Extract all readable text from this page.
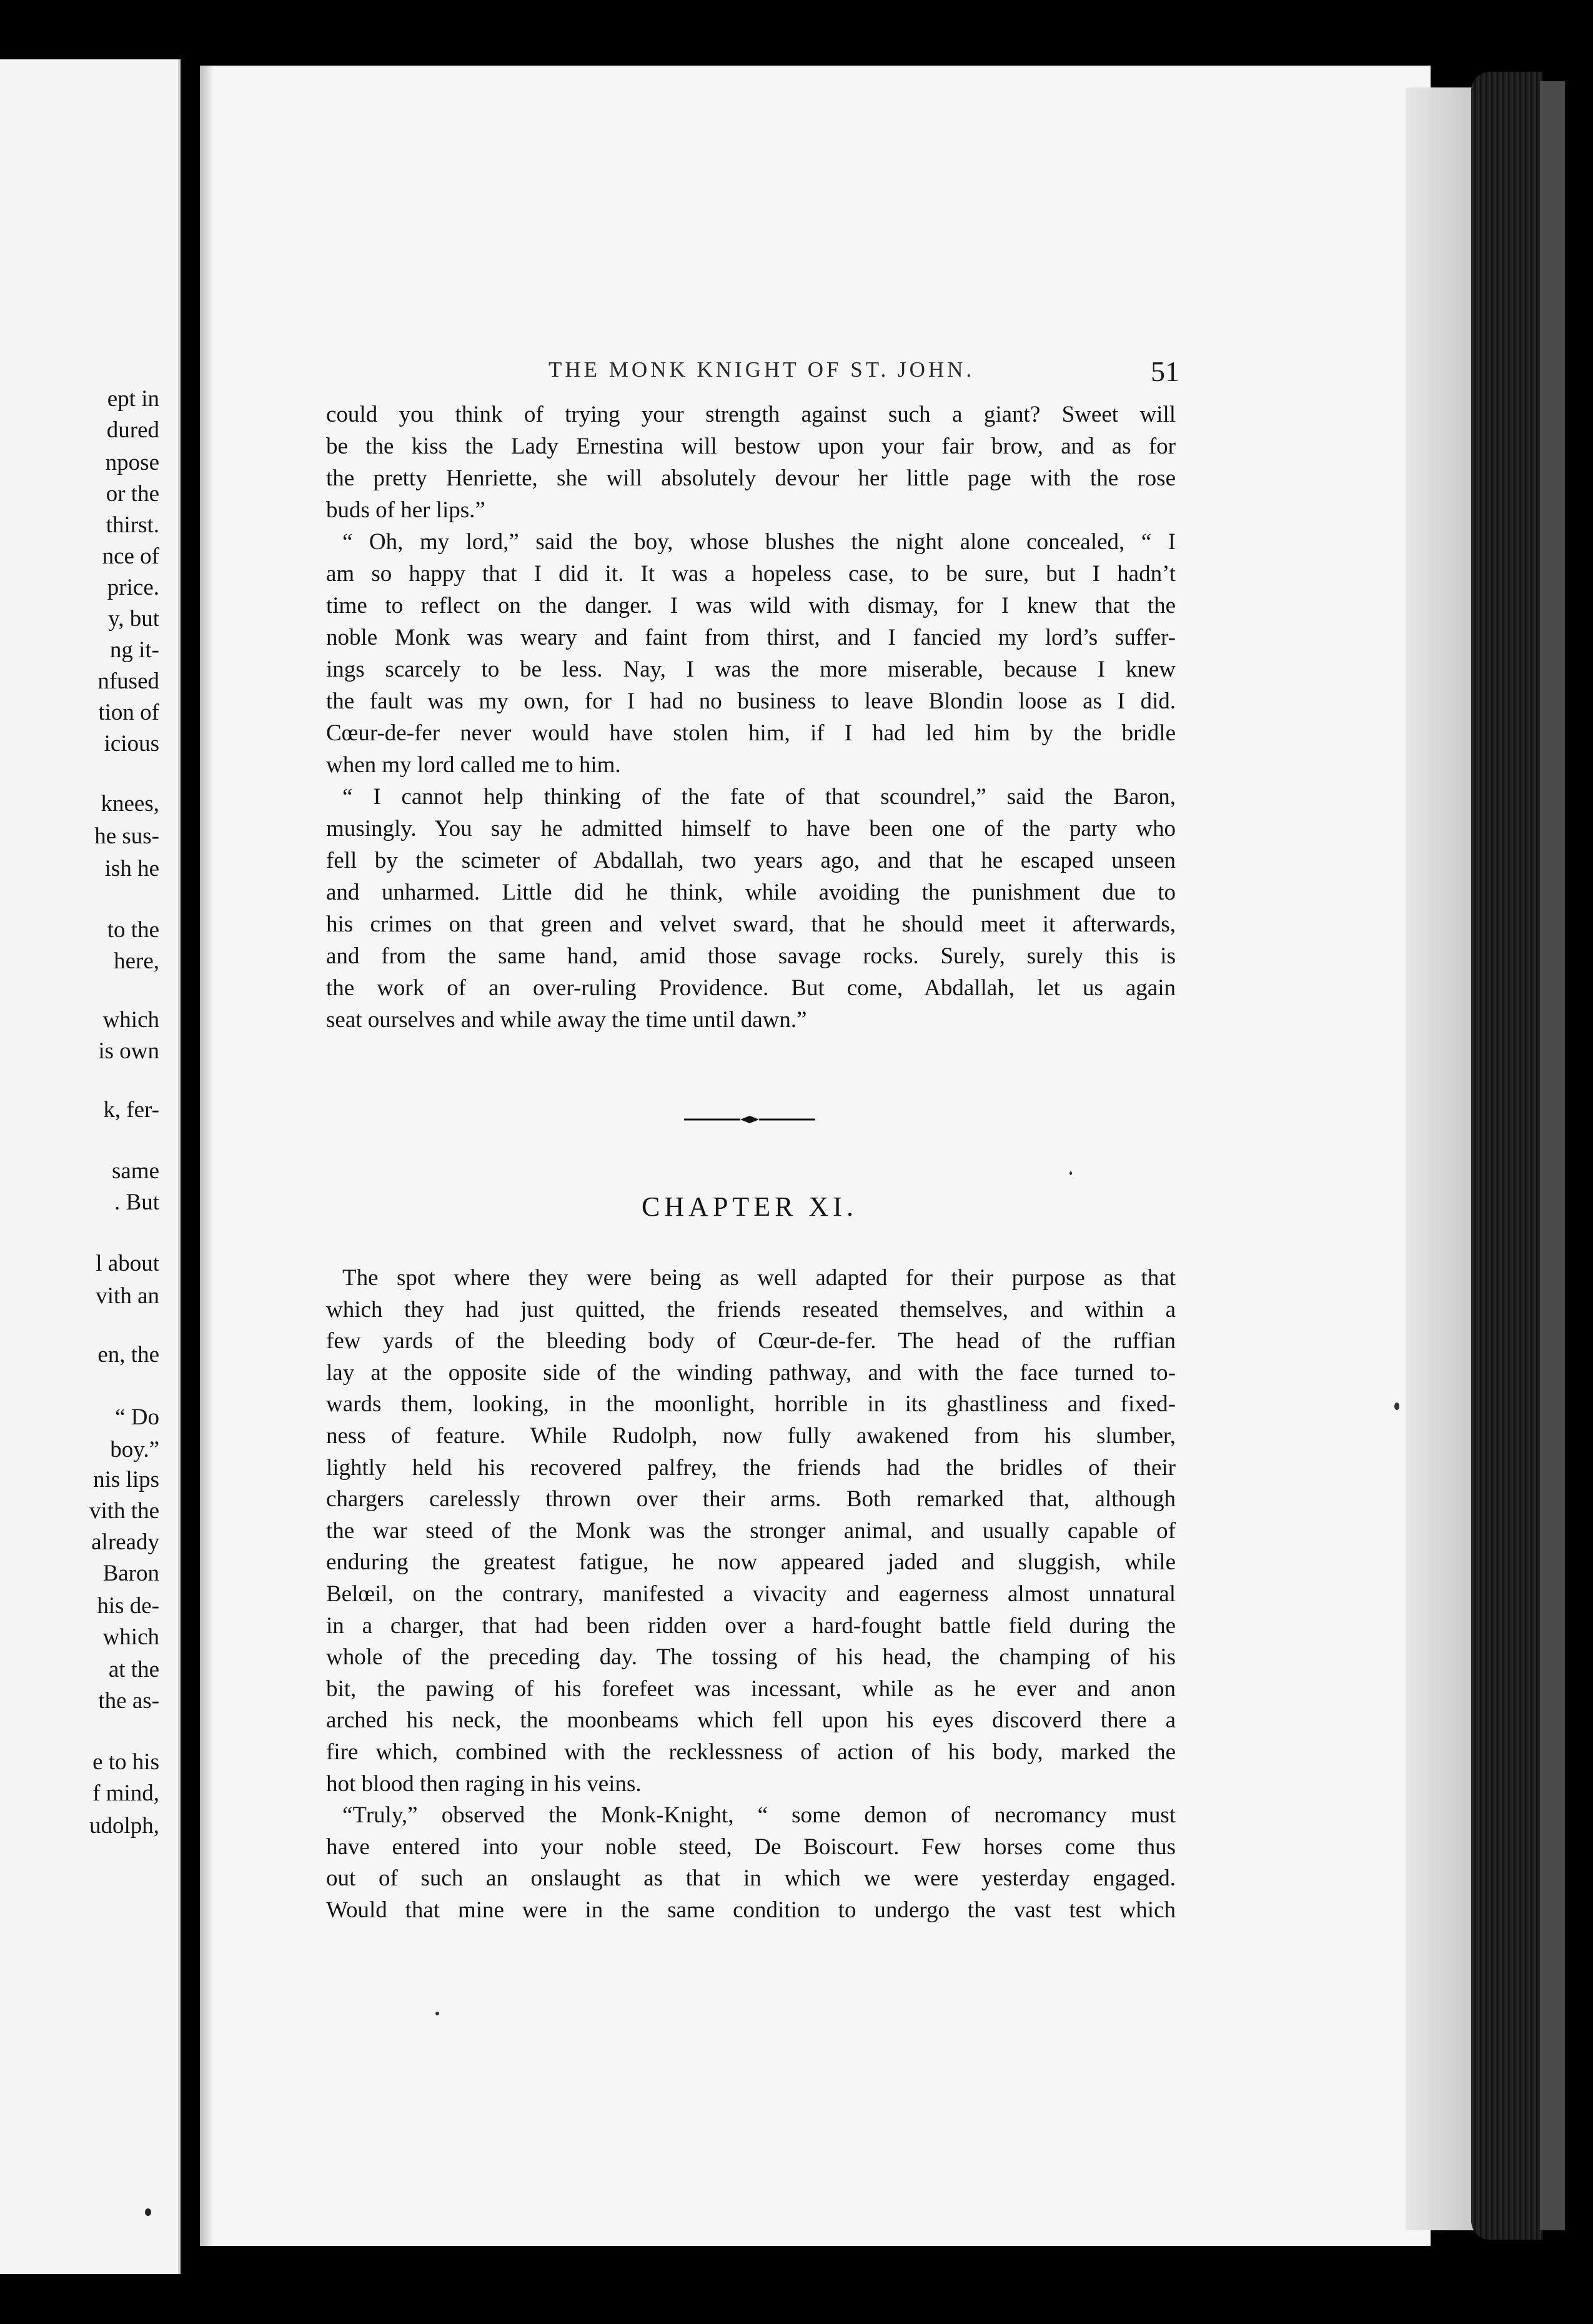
ept in
dured
npose
or the
thirst.
nce of
price.
y, but
ng it-
nfused
tion of
icious
knees,
he sus-
ish he
to the
here,
which
is own
k, fer-
same
. But
l about
vith an
en, the
“ Do
boy.”
nis lips
vith the
already
Baron
his de-
which
at the
the as-
e to his
f mind,
udolph,
THE MONK KNIGHT OF ST. JOHN.	51

could you think of trying your strength against such a giant? Sweet will

be the kiss the Lady Ernestina will bestow upon your fair brow, and as for

the pretty Henriette, she will absolutely devour her little page with the rose

buds of her lips.”

“ Oh, my lord,” said the boy, whose blushes the night alone concealed, “ I

am so happy that I did it. It was a hopeless case, to be sure, but I hadn’t

time to reflect on the danger. I was wild with dismay, for I knew that the

noble Monk was weary and faint from thirst, and I fancied my lord’s suffer-

ings scarcely to be less. Nay, I was the more miserable, because I knew

the fault was my own, for I had no business to leave Blondin loose as I did.

Cœur-de-fer never would have stolen him, if I had led him by the bridle

when my lord called me to him.

“ I cannot help thinking of the fate of that scoundrel,” said the Baron,

musingly. You say he admitted himself to have been one of the party who

fell by the scimeter of Abdallah, two years ago, and that he escaped unseen

and unharmed. Little did he think, while avoiding the punishment due to

his crimes on that green and velvet sward, that he should meet it afterwards,

and from the same hand, amid those savage rocks. Surely, surely this is

the work of an over-ruling Providence. But come, Abdallah, let us again

seat ourselves and while away the time until dawn.”

CHAPTER XI.

The spot where they were being as well adapted for their purpose as that

which they had just quitted, the friends reseated themselves, and within a

few yards of the bleeding body of Cœur-de-fer. The head of the ruffian

lay at the opposite side of the winding pathway, and with the face turned to-

wards them, looking, in the moonlight, horrible in its ghastliness and fixed-

ness of feature. While Rudolph, now fully awakened from his slumber,

lightly held his recovered palfrey, the friends had the bridles of their

chargers carelessly thrown over their arms. Both remarked that, although

the war steed of the Monk was the stronger animal, and usually capable of

enduring the greatest fatigue, he now appeared jaded and sluggish, while

Belœil, on the contrary, manifested a vivacity and eagerness almost unnatural

in a charger, that had been ridden over a hard-fought battle field during the

whole of the preceding day. The tossing of his head, the champing of his

bit, the pawing of his forefeet was incessant, while as he ever and anon

arched his neck, the moonbeams which fell upon his eyes discoverd there a

fire which, combined with the recklessness of action of his body, marked the

hot blood then raging in his veins.

“Truly,” observed the Monk-Knight, “ some demon of necromancy must

have entered into your noble steed, De Boiscourt. Few horses come thus

out of such an onslaught as that in which we were yesterday engaged.

Would that mine were in the same condition to undergo the vast test which
